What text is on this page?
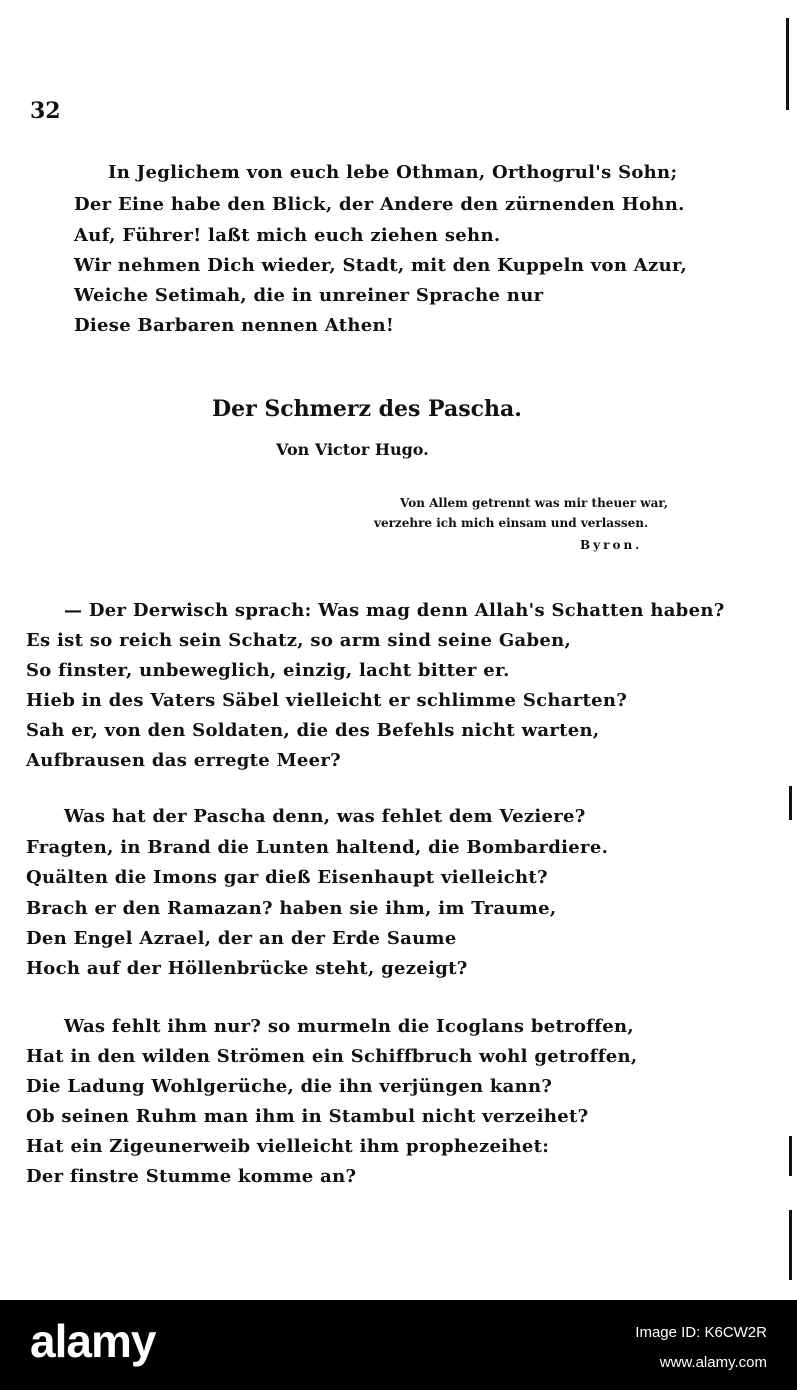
32
In Jeglichem von euch lebe Othman, Orthogrul's Sohn;
Der Eine habe den Blick, der Andere den zürnenden Hohn.
Auf, Führer! laßt mich euch ziehen sehn.
Wir nehmen Dich wieder, Stadt, mit den Kuppeln von Azur,
Weiche Setimah, die in unreiner Sprache nur
Diese Barbaren nennen Athen!
Der Schmerz des Pascha.
Von Victor Hugo.
Von Allem getrennt was mir theuer war,
verzehre ich mich einsam und verlassen.
Byron.
— Der Derwisch sprach: Was mag denn Allah's Schatten haben?
Es ist so reich sein Schatz, so arm sind seine Gaben,
So finster, unbeweglich, einzig, lacht bitter er.
Hieb in des Vaters Säbel vielleicht er schlimme Scharten?
Sah er, von den Soldaten, die des Befehls nicht warten,
Aufbrausen das erregte Meer?
Was hat der Pascha denn, was fehlet dem Veziere?
Fragten, in Brand die Lunten haltend, die Bombardiere.
Quälten die Imons gar dieß Eisenhaupt vielleicht?
Brach er den Ramazan? haben sie ihm, im Traume,
Den Engel Azrael, der an der Erde Saume
Hoch auf der Höllenbrücke steht, gezeigt?
Was fehlt ihm nur? so murmeln die Icoglans betroffen,
Hat in den wilden Strömen ein Schiffbruch wohl getroffen,
Die Ladung Wohlgerüche, die ihn verjüngen kann?
Ob seinen Ruhm man ihm in Stambul nicht verzeihet?
Hat ein Zigeunerweib vielleicht ihm prophezeihet:
Der finstre Stumme komme an?
alamy	Image ID: K6CW2R
www.alamy.com
